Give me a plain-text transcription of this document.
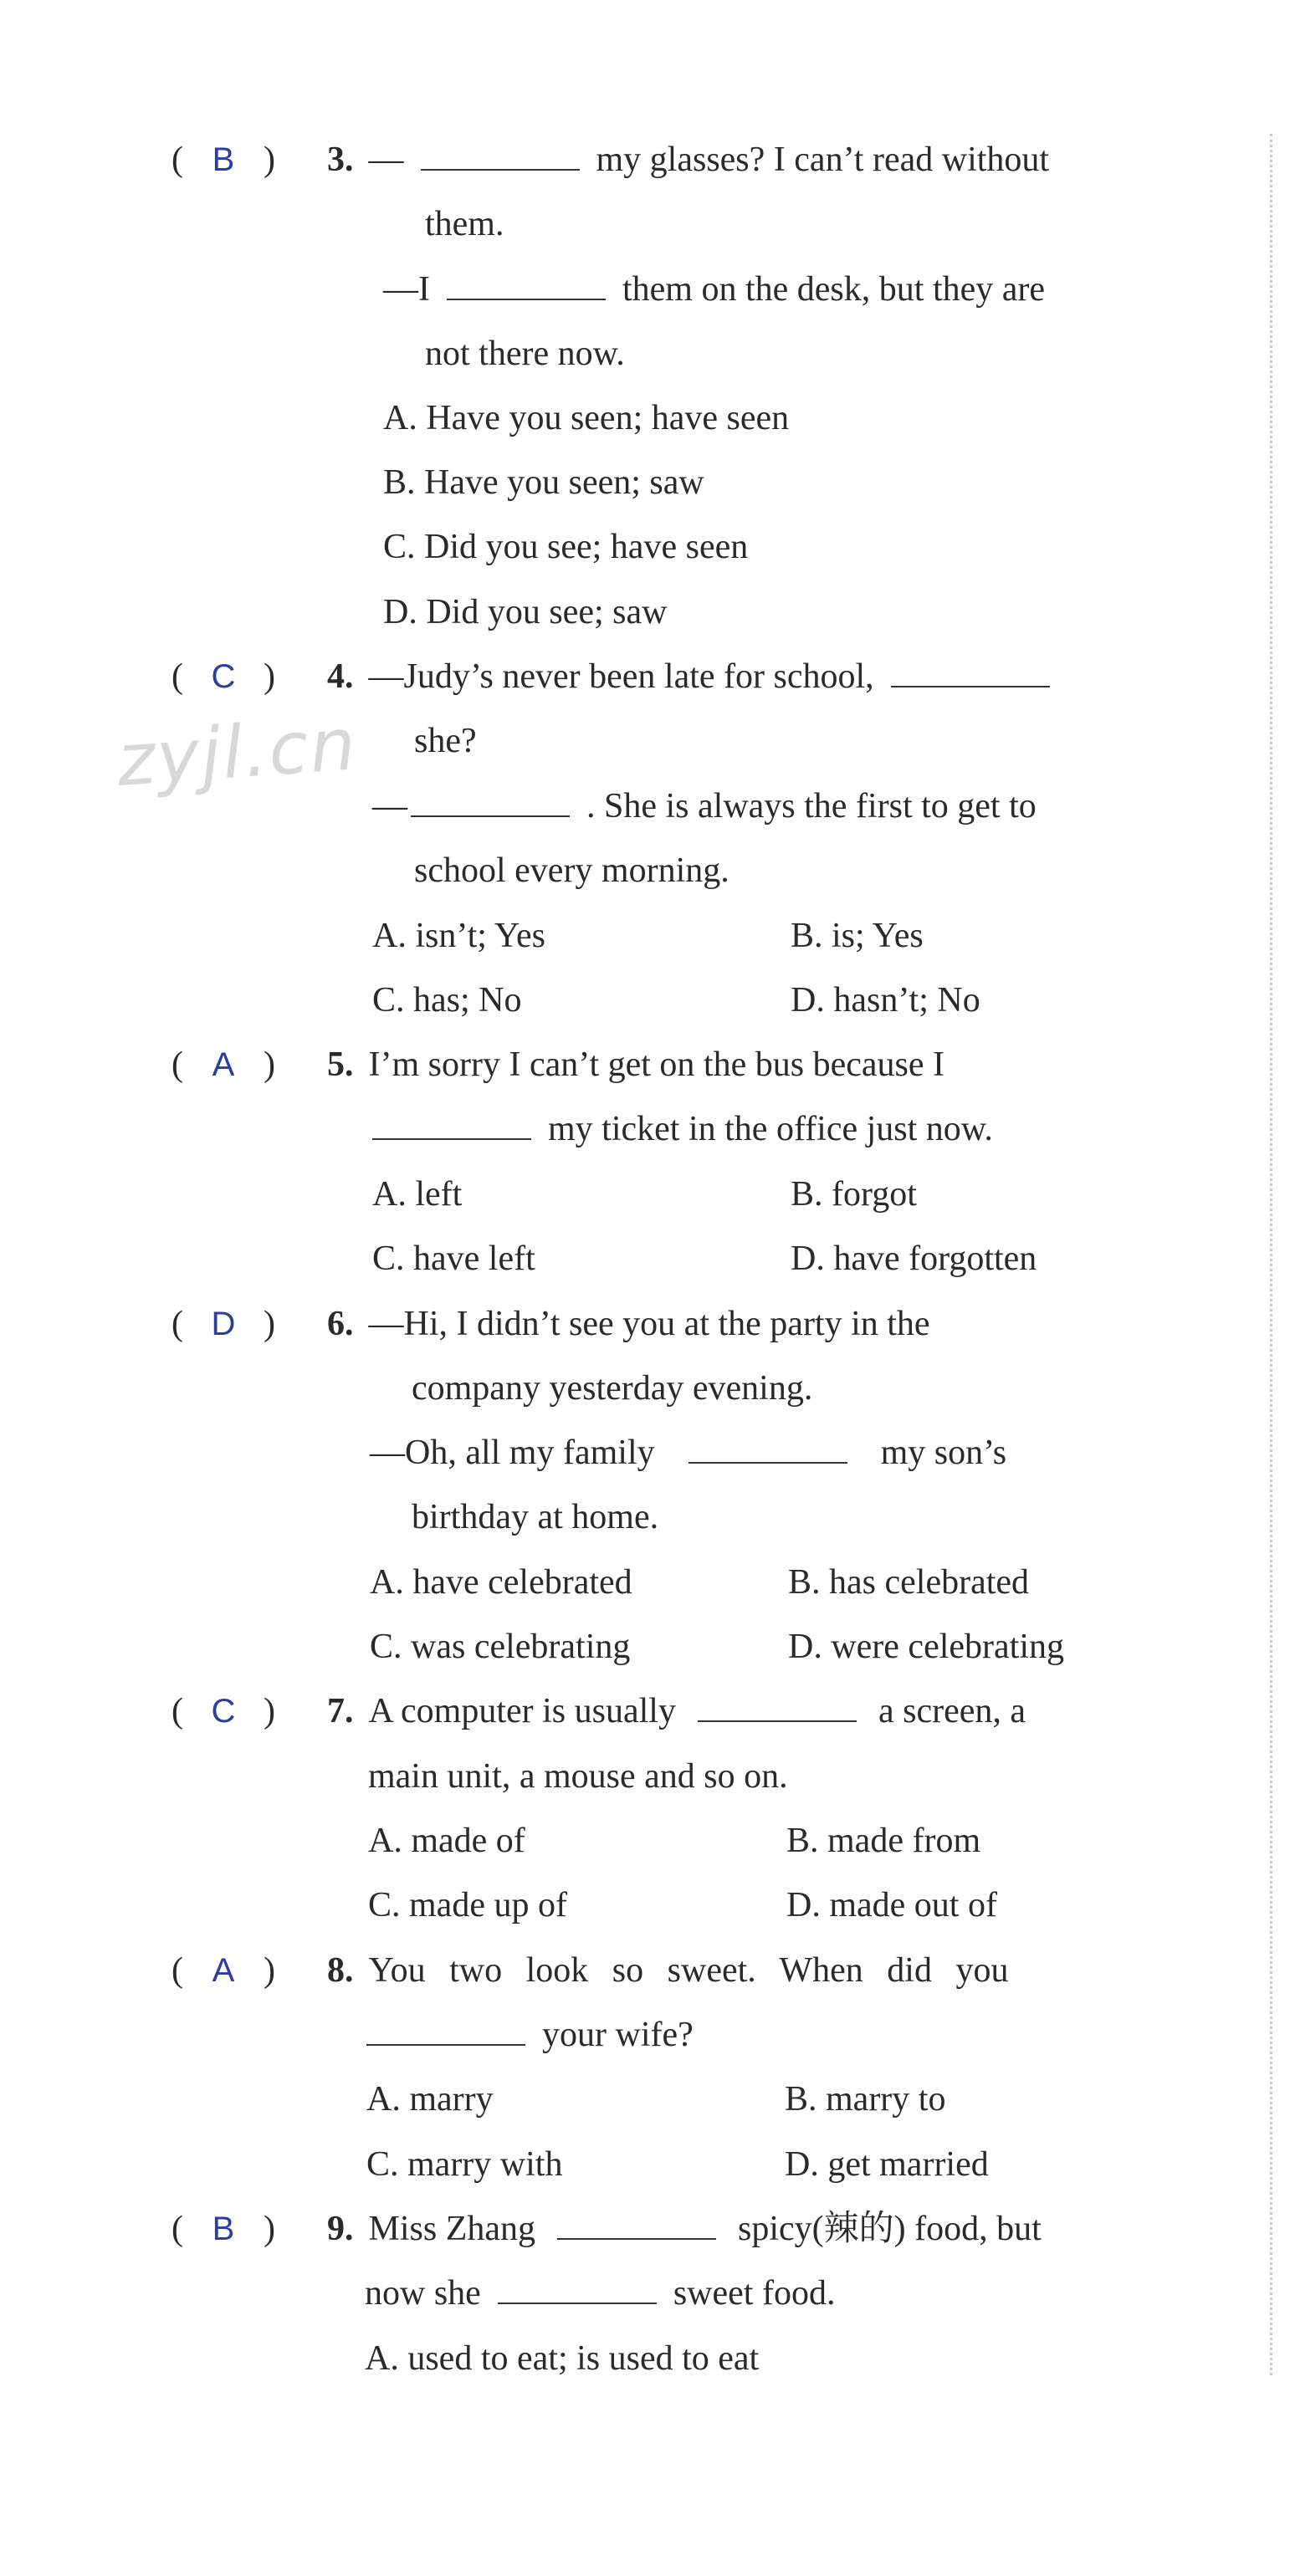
zyjl.cn
( B ) 3. —	my glasses? I can’t read without
them.
—I	them on the desk, but they are
not there now.
A. Have you seen; have seen
B. Have you seen; saw
C. Did you see; have seen
D. Did you see; saw
( C ) 4. —Judy’s never been late for school,
she?
—	. She is always the first to get to
school every morning.
A. isn’t; Yes	B. is; Yes
C. has; No	D. hasn’t; No
( A ) 5. I’m sorry I can’t get on the bus because I
my ticket in the office just now.
A. left	B. forgot
C. have left	D. have forgotten
( D ) 6. —Hi, I didn’t see you at the party in the
company yesterday evening.
—Oh, all my family	my son’s
birthday at home.
A. have celebrated	B. has celebrated
C. was celebrating	D. were celebrating
( C ) 7. A computer is usually	a screen, a
main unit, a mouse and so on.
A. made of	B. made from
C. made up of	D. made out of
( A ) 8. You two look so sweet. When did you
your wife?
A. marry	B. marry to
C. marry with	D. get married
( B ) 9. Miss Zhang	spicy(辣的) food, but
now she	sweet food.
A. used to eat; is used to eat
